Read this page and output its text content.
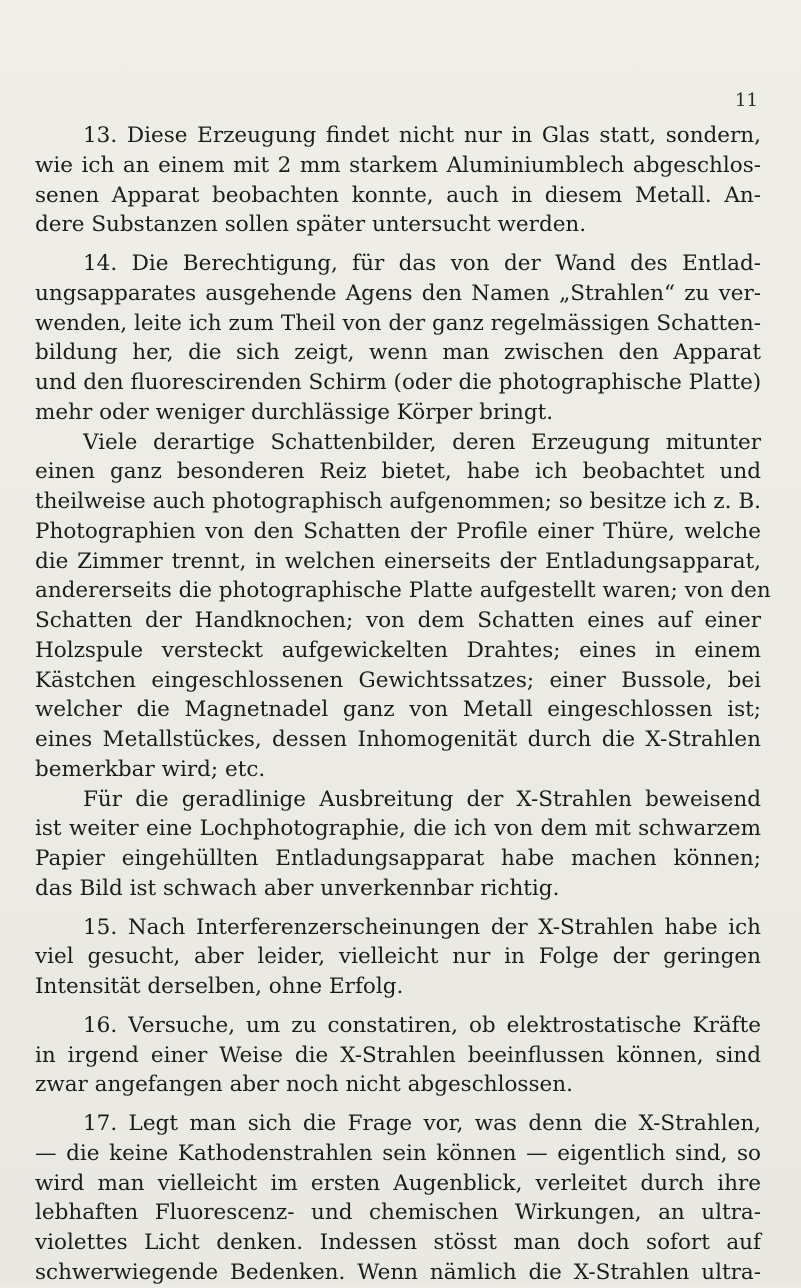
11
13. Diese Erzeugung findet nicht nur in Glas statt, sondern,
wie ich an einem mit 2 mm starkem Aluminiumblech abgeschlos-
senen Apparat beobachten konnte, auch in diesem Metall. An-
dere Substanzen sollen später untersucht werden.
14. Die Berechtigung, für das von der Wand des Entlad-
ungsapparates ausgehende Agens den Namen „Strahlen“ zu ver-
wenden, leite ich zum Theil von der ganz regelmässigen Schatten-
bildung her, die sich zeigt, wenn man zwischen den Apparat
und den fluorescirenden Schirm (oder die photographische Platte)
mehr oder weniger durchlässige Körper bringt.
Viele derartige Schattenbilder, deren Erzeugung mitunter
einen ganz besonderen Reiz bietet, habe ich beobachtet und
theilweise auch photographisch aufgenommen; so besitze ich z. B.
Photographien von den Schatten der Profile einer Thüre, welche
die Zimmer trennt, in welchen einerseits der Entladungsapparat,
andererseits die photographische Platte aufgestellt waren; von den
Schatten der Handknochen; von dem Schatten eines auf einer
Holzspule versteckt aufgewickelten Drahtes; eines in einem
Kästchen eingeschlossenen Gewichtssatzes; einer Bussole, bei
welcher die Magnetnadel ganz von Metall eingeschlossen ist;
eines Metallstückes, dessen Inhomogenität durch die X-Strahlen
bemerkbar wird; etc.
Für die geradlinige Ausbreitung der X-Strahlen beweisend
ist weiter eine Lochphotographie, die ich von dem mit schwarzem
Papier eingehüllten Entladungsapparat habe machen können;
das Bild ist schwach aber unverkennbar richtig.
15. Nach Interferenzerscheinungen der X-Strahlen habe ich
viel gesucht, aber leider, vielleicht nur in Folge der geringen
Intensität derselben, ohne Erfolg.
16. Versuche, um zu constatiren, ob elektrostatische Kräfte
in irgend einer Weise die X-Strahlen beeinflussen können, sind
zwar angefangen aber noch nicht abgeschlossen.
17. Legt man sich die Frage vor, was denn die X-Strahlen,
— die keine Kathodenstrahlen sein können — eigentlich sind, so
wird man vielleicht im ersten Augenblick, verleitet durch ihre
lebhaften Fluorescenz- und chemischen Wirkungen, an ultra-
violettes Licht denken. Indessen stösst man doch sofort auf
schwerwiegende Bedenken. Wenn nämlich die X-Strahlen ultra-
